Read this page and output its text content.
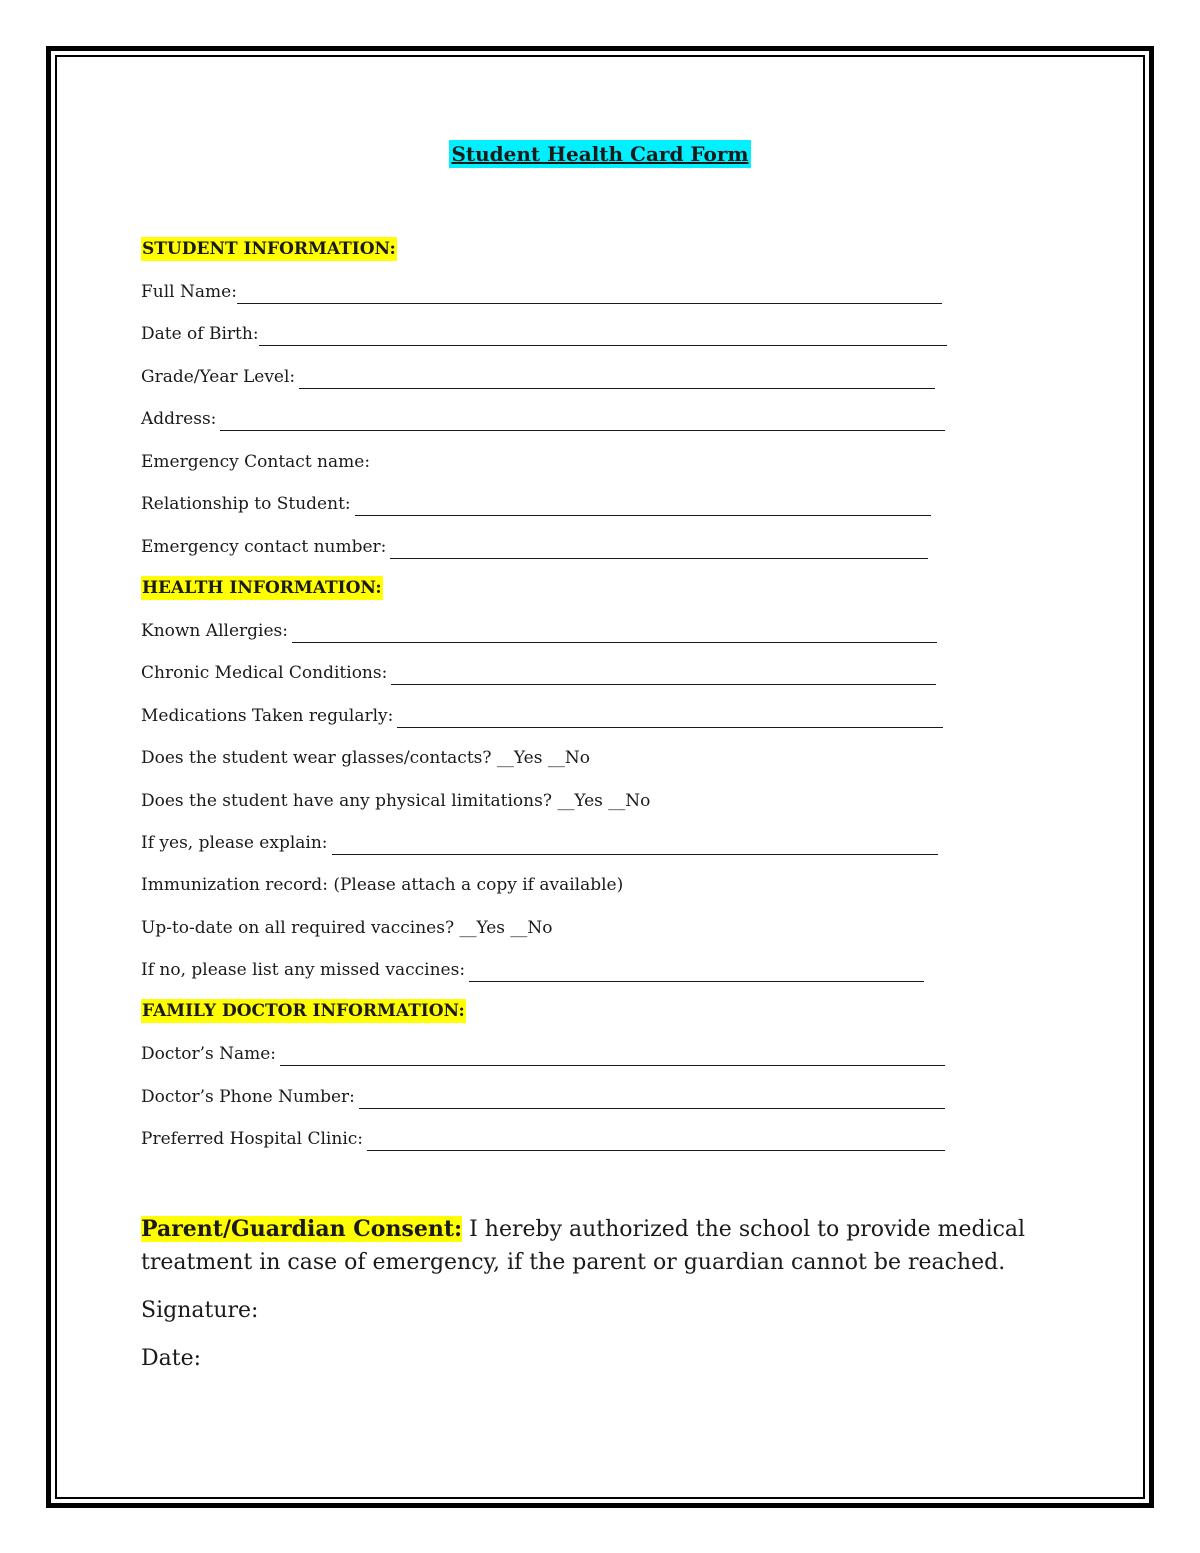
Student Health Card Form
STUDENT INFORMATION:
Full Name:
Date of Birth:
Grade/Year Level:
Address:
Emergency Contact name:
Relationship to Student:
Emergency contact number:
HEALTH INFORMATION:
Known Allergies:
Chronic Medical Conditions:
Medications Taken regularly:
Does the student wear glasses/contacts? __Yes __No
Does the student have any physical limitations? __Yes __No
If yes, please explain:
Immunization record: (Please attach a copy if available)
Up-to-date on all required vaccines? __Yes __No
If no, please list any missed vaccines:
FAMILY DOCTOR INFORMATION:
Doctor’s Name:
Doctor’s Phone Number:
Preferred Hospital Clinic:
Parent/Guardian Consent: I hereby authorized the school to provide medical treatment in case of emergency, if the parent or guardian cannot be reached.
Signature:
Date:
